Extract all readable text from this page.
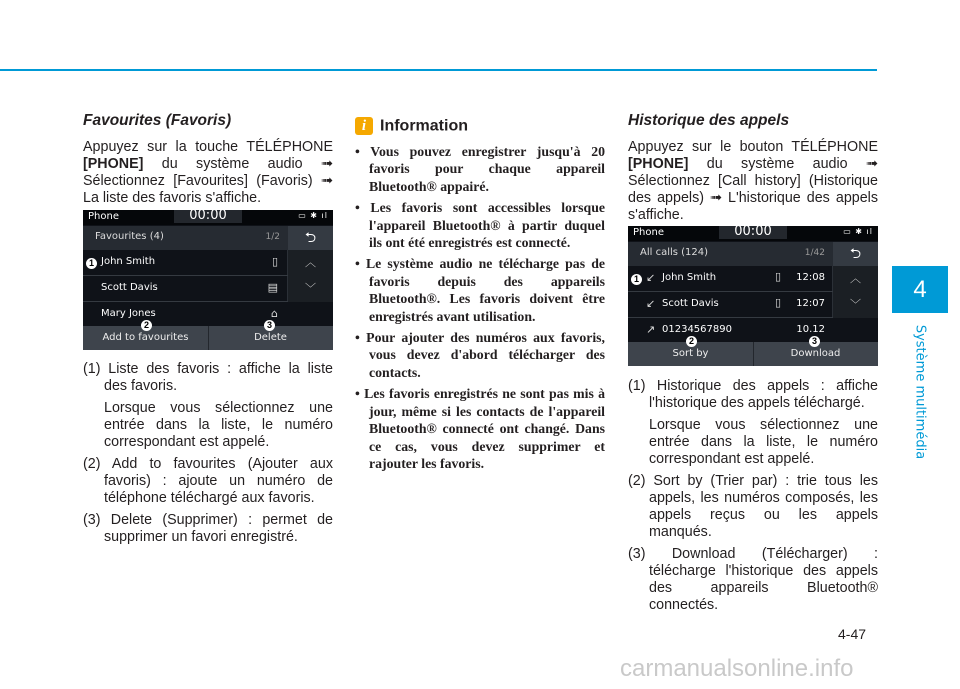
Favourites (Favoris)

Appuyez sur la touche TÉLÉPHONE [PHONE] du système audio ➟ Sélectionnez [Favourites] (Favoris) ➟ La liste des favoris s'affiche.

Phone	00:00	▭ ✱ ıl
Favourites (4)	1/2	⮌
︿
﹀
John Smith	▯
Scott Davis	▤
Mary Jones	⌂
Add to favourites	Delete
1
2	3

(1) Liste des favoris : affiche la liste des favoris.

Lorsque vous sélectionnez une entrée dans la liste, le numéro correspondant est appelé.

(2) Add to favourites (Ajouter aux favoris) : ajoute un numéro de téléphone téléchargé aux favoris.

(3) Delete (Supprimer) : permet de supprimer un favori enregistré.

i Information
• Vous pouvez enregistrer jusqu'à 20 favoris pour chaque appareil Bluetooth® appairé.
• Les favoris sont accessibles lorsque l'appareil Bluetooth® à partir duquel ils ont été enregistrés est connecté.
• Le système audio ne télécharge pas de favoris depuis des appareils Bluetooth®. Les favoris doivent être enregistrés avant utilisation.
• Pour ajouter des numéros aux favoris, vous devez d'abord télécharger des contacts.
• Les favoris enregistrés ne sont pas mis à jour, même si les contacts de l'appareil Bluetooth® connecté ont changé. Dans ce cas, vous devez supprimer et rajouter les favoris.

Historique des appels

Appuyez sur le bouton TÉLÉPHONE [PHONE] du système audio ➟ Sélectionnez [Call history] (Historique des appels) ➟ L'historique des appels s'affiche.

Phone	00:00	▭ ✱ ıl
All calls (124)	1/42	⮌
︿
﹀
↙ John Smith	▯ 12:08
↙ Scott Davis	▯ 12:07
↗ 01234567890	10.12
Sort by	Download
1
2	3

(1) Historique des appels : affiche l'historique des appels téléchargé.

Lorsque vous sélectionnez une entrée dans la liste, le numéro correspondant est appelé.

(2) Sort by (Trier par) : trie tous les appels, les numéros composés, les appels reçus ou les appels manqués.

(3) Download (Télécharger) : télécharge l'historique des appels des appareils Bluetooth® connectés.

4
Système multimédia
4-47
carmanualsonline.info
